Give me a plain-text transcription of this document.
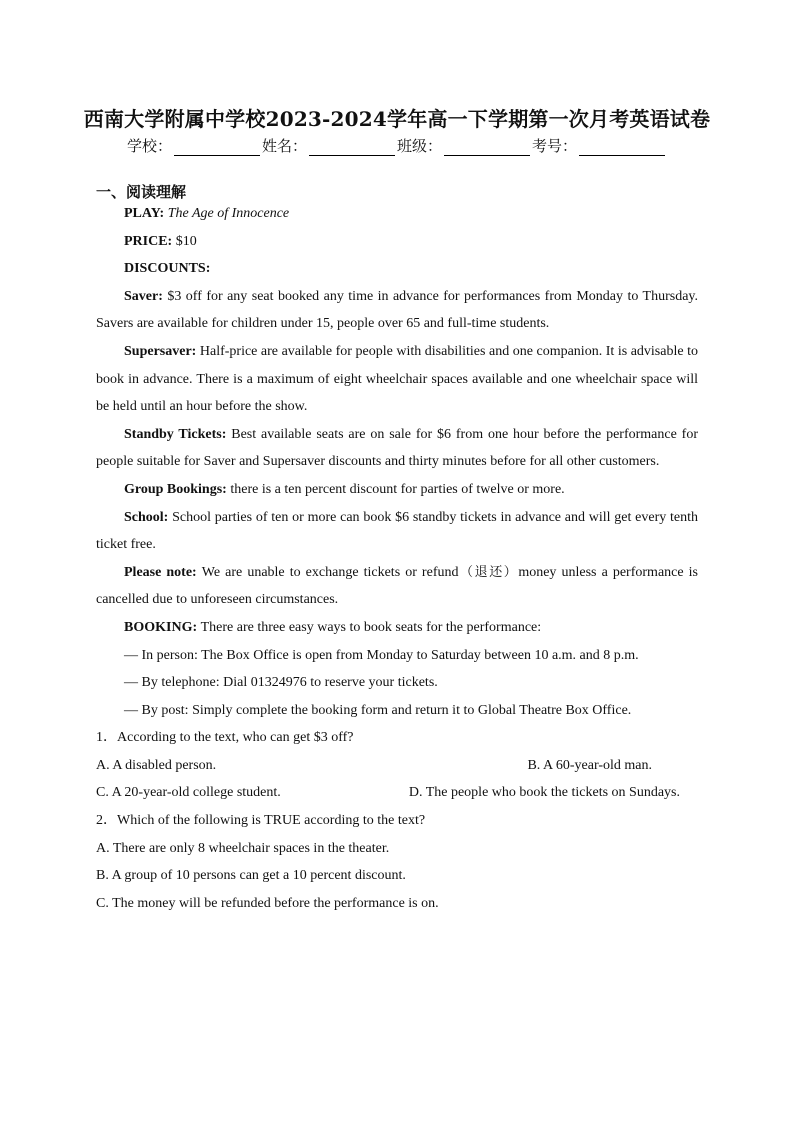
西南大学附属中学校2023-2024学年高一下学期第一次月考英语试卷
学校：	姓名：	班级：	考号：
一、阅读理解

PLAY: The Age of Innocence

PRICE: $10

DISCOUNTS:

Saver: $3 off for any seat booked any time in advance for performances from Monday to Thursday. Savers are available for children under 15, people over 65 and full-time students.

Supersaver: Half-price are available for people with disabilities and one companion. It is advisable to book in advance. There is a maximum of eight wheelchair spaces available and one wheelchair space will be held until an hour before the show.

Standby Tickets: Best available seats are on sale for $6 from one hour before the performance for people suitable for Saver and Supersaver discounts and thirty minutes before for all other customers.

Group Bookings: there is a ten percent discount for parties of twelve or more.

School: School parties of ten or more can book $6 standby tickets in advance and will get every tenth ticket free.

Please note: We are unable to exchange tickets or refund（退还）money unless a performance is cancelled due to unforeseen circumstances.

BOOKING: There are three easy ways to book seats for the performance:

— In person: The Box Office is open from Monday to Saturday between 10 a.m. and 8 p.m.

— By telephone: Dial 01324976 to reserve your tickets.

— By post: Simply complete the booking form and return it to Global Theatre Box Office.

1．According to the text, who can get $3 off?

A. A disabled person.	B. A 60-year-old man.
C. A 20-year-old college student.	D. The people who book the tickets on Sundays.

2．Which of the following is TRUE according to the text?

A. There are only 8 wheelchair spaces in the theater.

B. A group of 10 persons can get a 10 percent discount.

C. The money will be refunded before the performance is on.
